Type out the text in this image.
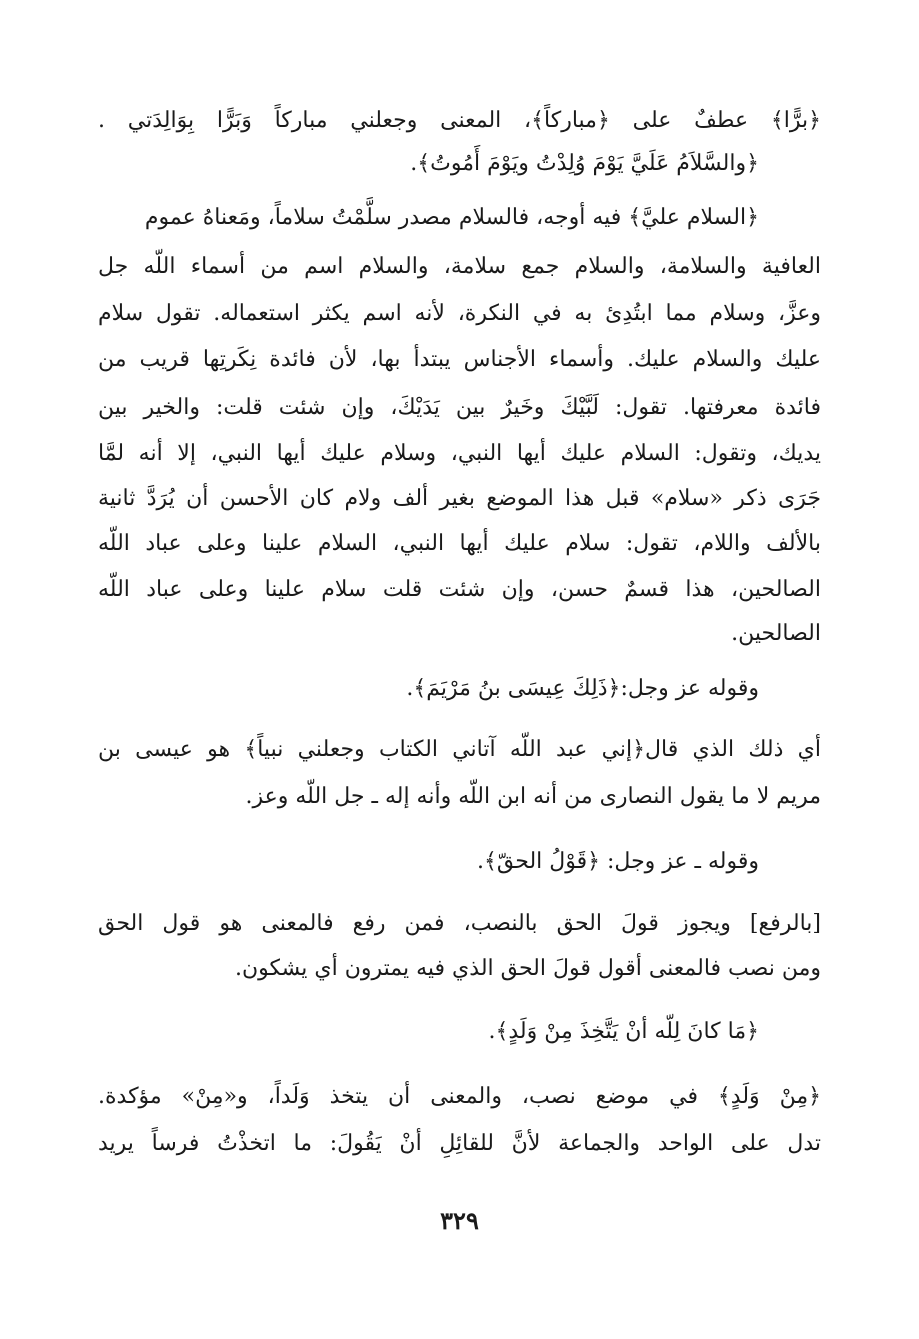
﴿برًّا﴾ عطفٌ على ﴿مباركاً﴾، المعنى وجعلني مباركاً وَبَرًّا بِوَالِدَتي .
﴿والسَّلاَمُ عَلَيَّ يَوْمَ وُلِدْتُ ويَوْمَ أَمُوتُ﴾.
﴿السلام عليَّ﴾ فيه أوجه، فالسلام مصدر سلَّمْتُ سلاماً، ومَعناهُ عموم
العافية والسلامة، والسلام جمع سلامة، والسلام اسم من أسماء اللّه جل
وعزَّ، وسلام مما ابتُدِئ به في النكرة، لأنه اسم يكثر استعماله. تقول سلام
عليك والسلام عليك. وأسماء الأجناس يبتدأ بها، لأن فائدة نِكَرتِها قريب من
فائدة معرفتها. تقول: لَبَّيْكَ وخَيرٌ بين يَدَيْكَ، وإن شئت قلت: والخير بين
يديك، وتقول: السلام عليك أيها النبي، وسلام عليك أيها النبي، إلا أنه لمَّا
جَرَى ذكر «سلام» قبل هذا الموضع بغير ألف ولام كان الأحسن أن يُرَدَّ ثانية
بالألف واللام، تقول: سلام عليك أيها النبي، السلام علينا وعلى عباد اللّه
الصالحين، هذا قسمٌ حسن، وإن شئت قلت سلام علينا وعلى عباد اللّه
الصالحين.
وقوله عز وجل:﴿ذَلِكَ عِيسَى بنُ مَرْيَمَ﴾.
أي ذلك الذي قال﴿إني عبد اللّه آتاني الكتاب وجعلني نبياً﴾ هو عيسى بن
مريم لا ما يقول النصارى من أنه ابن اللّه وأنه إله ـ جل اللّه وعز.
وقوله ـ عز وجل: ﴿قَوْلُ الحقّ﴾.
[بالرفع] ويجوز قولَ الحق بالنصب، فمن رفع فالمعنى هو قول الحق
ومن نصب فالمعنى أقول قولَ الحق الذي فيه يمترون أي يشكون.
﴿مَا كانَ لِلّه أنْ يَتَّخِذَ مِنْ وَلَدٍ﴾.
﴿مِنْ وَلَدٍ﴾ في موضع نصب، والمعنى أن يتخذ وَلَداً، و«مِنْ» مؤكدة.
تدل على الواحد والجماعة لأنَّ للقائِلِ أنْ يَقُولَ: ما اتخذْتُ فرساً يريد
٣٢٩
